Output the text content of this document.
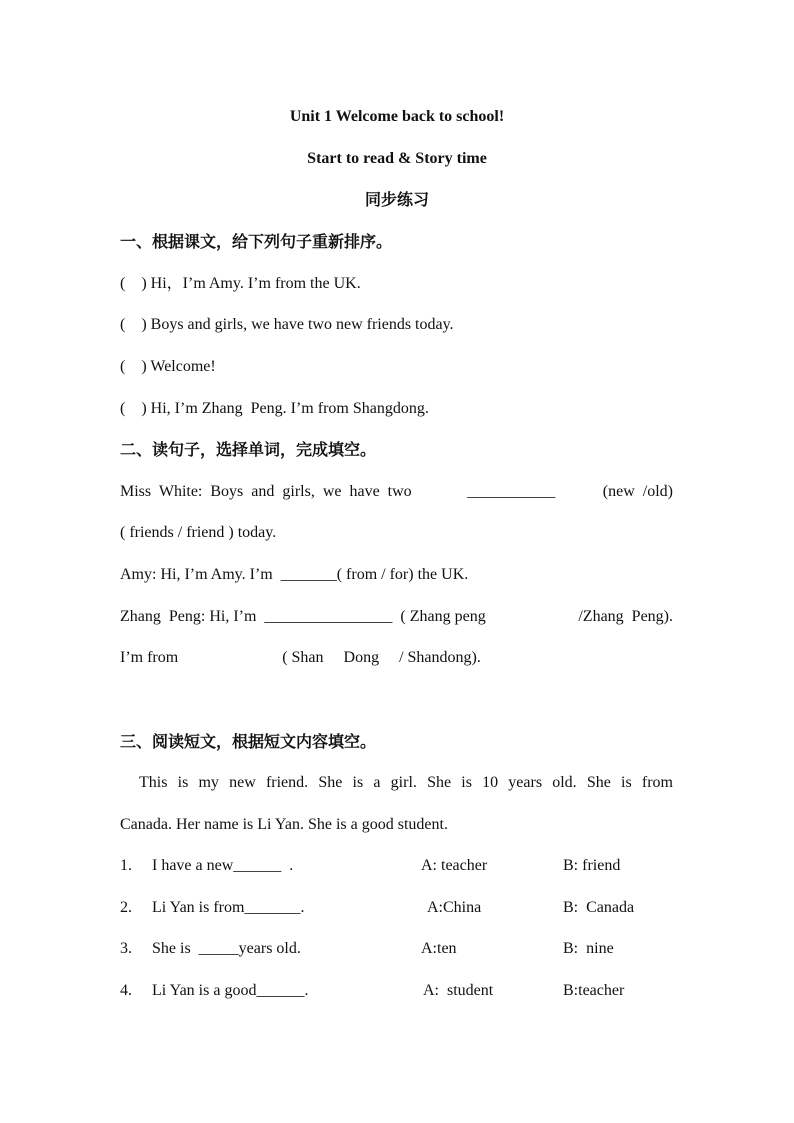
Unit 1 Welcome back to school!
Start to read & Story time
同步练习
一、根据课文，给下列句子重新排序。
(    ) Hi，I’m Amy. I’m from the UK.
(    ) Boys and girls, we have two new friends today.
(    ) Welcome!
(    ) Hi, I’m Zhang  Peng. I’m from Shangdong.
二、读句子，选择单词，完成填空。
Miss  White:  Boys  and  girls,  we  have  two	___________	(new  /old)
( friends / friend ) today.
Amy: Hi, I’m Amy. I’m  _______( from / for) the UK.
Zhang  Peng: Hi, I’m  ________________  ( Zhang peng	/Zhang  Peng).
I’m from                          ( Shan     Dong     / Shandong).
三、阅读短文，根据短文内容填空。
This is my new friend. She is a girl. She is 10 years old. She is from
Canada. Her name is Li Yan. She is a good student.
1. I have a new______  .	A: teacher	B: friend
2. Li Yan is from_______.	A:China	B:  Canada
3. She is  _____years old.	A:ten	B:  nine
4. Li Yan is a good______.	A:  student	B:teacher
